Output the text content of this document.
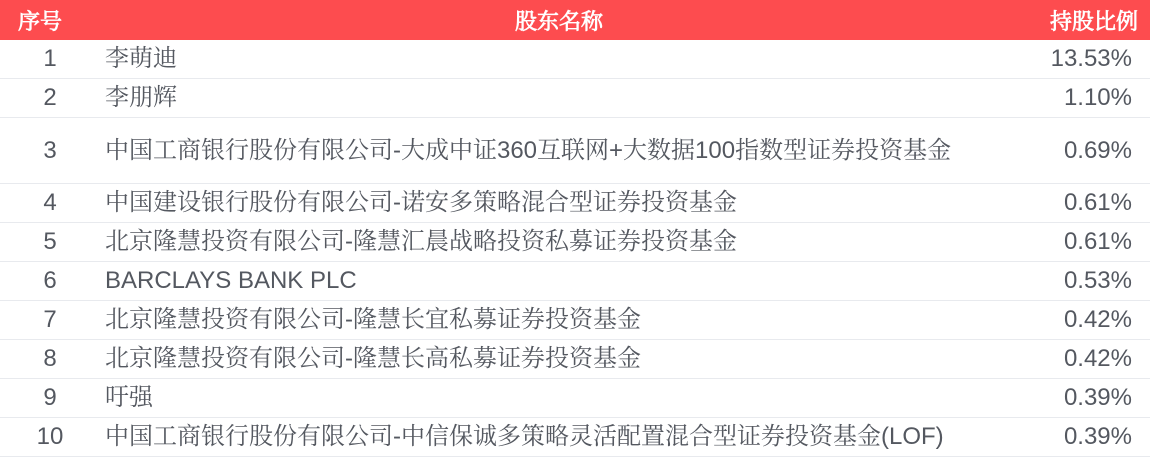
序号	股东名称	持股比例
1	李萌迪	13.53%
2	李朋辉	1.10%
3	中国工商银行股份有限公司-大成中证360互联网+大数据100指数型证券投资基金	0.69%
4	中国建设银行股份有限公司-诺安多策略混合型证券投资基金	0.61%
5	北京隆慧投资有限公司-隆慧汇晨战略投资私募证券投资基金	0.61%
6	BARCLAYS BANK PLC	0.53%
7	北京隆慧投资有限公司-隆慧长宜私募证券投资基金	0.42%
8	北京隆慧投资有限公司-隆慧长高私募证券投资基金	0.42%
9	吁强	0.39%
10	中国工商银行股份有限公司-中信保诚多策略灵活配置混合型证券投资基金(LOF)	0.39%
